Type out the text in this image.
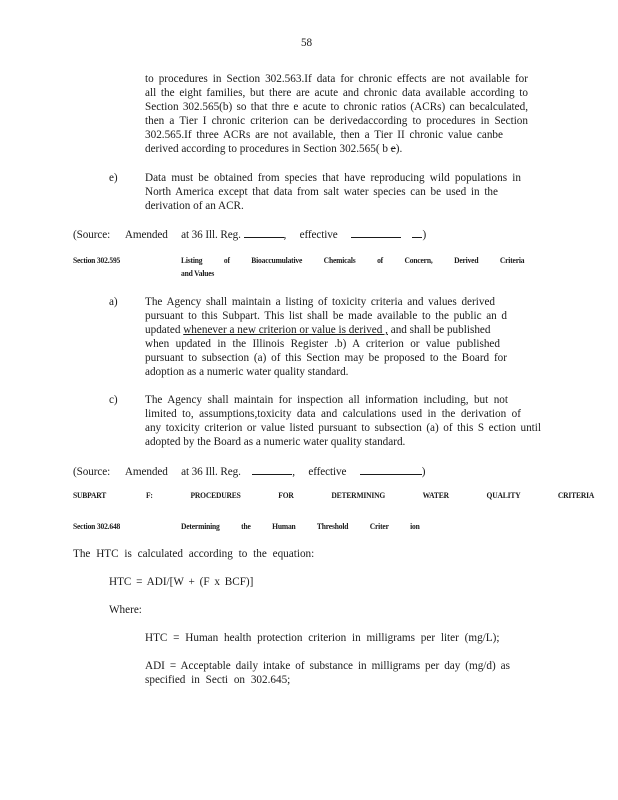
58
to procedures in Section 302.563.If data for chronic effects are not available for
all the eight families, but there are acute and chronic data available according to
Section 302.565(b) so that thre e acute to chronic ratios (ACRs) can becalculated,
then a Tier I chronic criterion can be derivedaccording to procedures in Section
302.565.If three ACRs are not available, then a Tier II chronic value canbe
derived according to procedures in Section 302.565( b e).
e) Data must be obtained from species that have reproducing wild populations in
North America except that data from salt water species can be used in the
derivation of an ACR.
(Source: Amended at 36 Ill. Reg.	, effective	)
Section 302.595	Listing of Bioaccumulative Chemicals of Concern, Derived Criteria
and Values
a) The Agency shall maintain a listing of toxicity criteria and values derived
pursuant to this Subpart. This list shall be made available to the public an d
updated whenever a new criterion or value is derived , and shall be published
when updated in the Illinois Register .b) A criterion or value published
pursuant to subsection (a) of this Section may be proposed to the Board for
adoption as a numeric water quality standard.
c) The Agency shall maintain for inspection all information including, but not
limited to, assumptions,toxicity data and calculations used in the derivation of
any toxicity criterion or value listed pursuant to subsection (a) of this S ection until
adopted by the Board as a numeric water quality standard.
(Source: Amended at 36 Ill. Reg.	, effective	)
SUBPART	F: PROCEDURES FOR DETERMINING WATER QUALITY CRITERIA
Section 302.648	Determining the Human Threshold Criter ion
The HTC is calculated according to the equation:
HTC = ADI/[W + (F x BCF)]
Where:
HTC = Human health protection criterion in milligrams per liter (mg/L);
ADI = Acceptable daily intake of substance in milligrams per day (mg/d) as
specified in Secti on 302.645;
